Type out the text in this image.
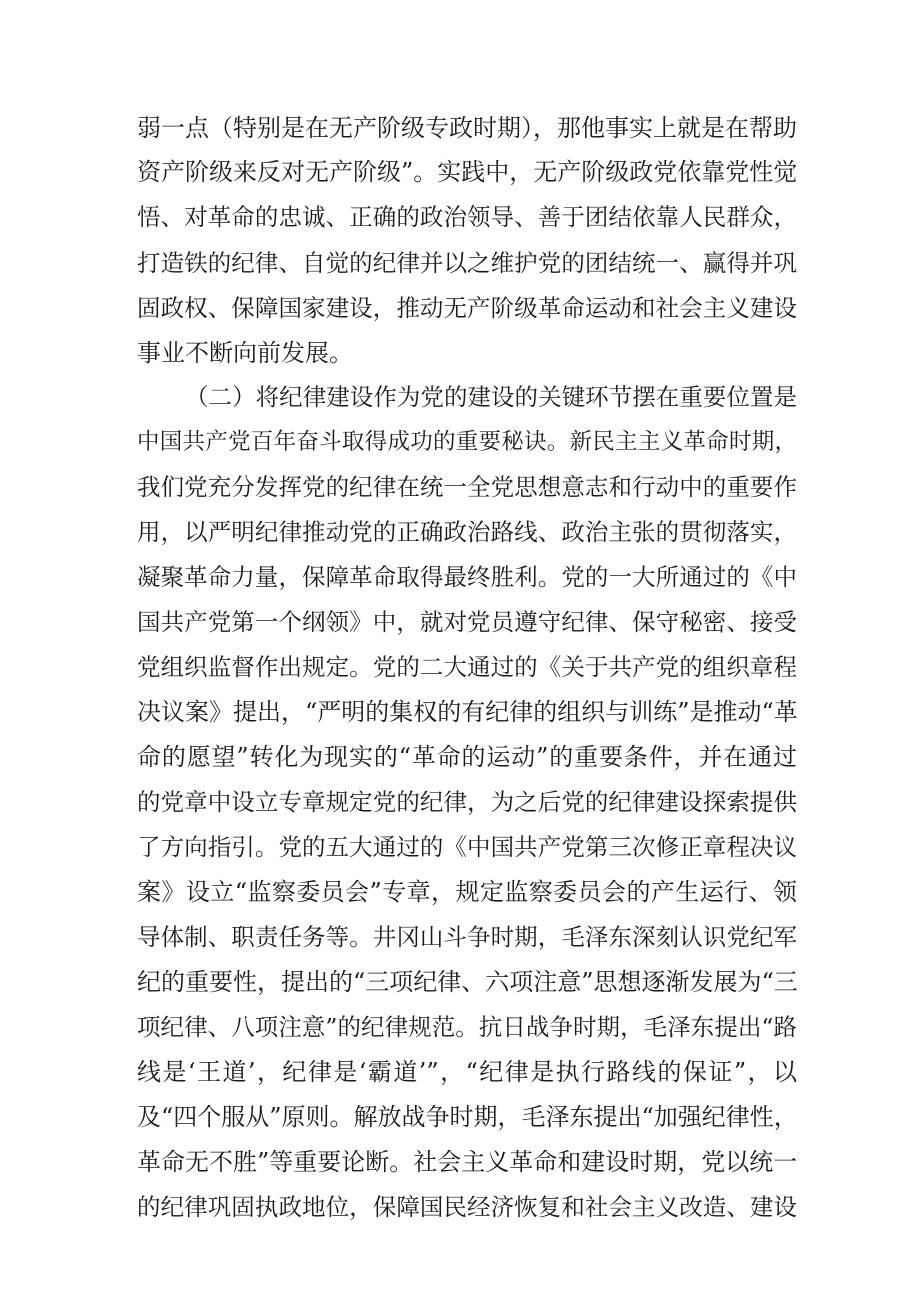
弱一点（特别是在无产阶级专政时期），那他事实上就是在帮助
资产阶级来反对无产阶级”。实践中，无产阶级政党依靠党性觉
悟、对革命的忠诚、正确的政治领导、善于团结依靠人民群众，
打造铁的纪律、自觉的纪律并以之维护党的团结统一、赢得并巩
固政权、保障国家建设，推动无产阶级革命运动和社会主义建设
事业不断向前发展。
（二）将纪律建设作为党的建设的关键环节摆在重要位置是
中国共产党百年奋斗取得成功的重要秘诀。新民主主义革命时期，
我们党充分发挥党的纪律在统一全党思想意志和行动中的重要作
用，以严明纪律推动党的正确政治路线、政治主张的贯彻落实，
凝聚革命力量，保障革命取得最终胜利。党的一大所通过的《中
国共产党第一个纲领》中，就对党员遵守纪律、保守秘密、接受
党组织监督作出规定。党的二大通过的《关于共产党的组织章程
决议案》提出，“严明的集权的有纪律的组织与训练”是推动“革
命的愿望”转化为现实的“革命的运动”的重要条件，并在通过
的党章中设立专章规定党的纪律，为之后党的纪律建设探索提供
了方向指引。党的五大通过的《中国共产党第三次修正章程决议
案》设立“监察委员会”专章，规定监察委员会的产生运行、领
导体制、职责任务等。井冈山斗争时期，毛泽东深刻认识党纪军
纪的重要性，提出的“三项纪律、六项注意”思想逐渐发展为“三
项纪律、八项注意”的纪律规范。抗日战争时期，毛泽东提出“路
线是‘王道’，纪律是‘霸道’”，“纪律是执行路线的保证”，以
及“四个服从”原则。解放战争时期，毛泽东提出“加强纪律性，
革命无不胜”等重要论断。社会主义革命和建设时期，党以统一
的纪律巩固执政地位，保障国民经济恢复和社会主义改造、建设
